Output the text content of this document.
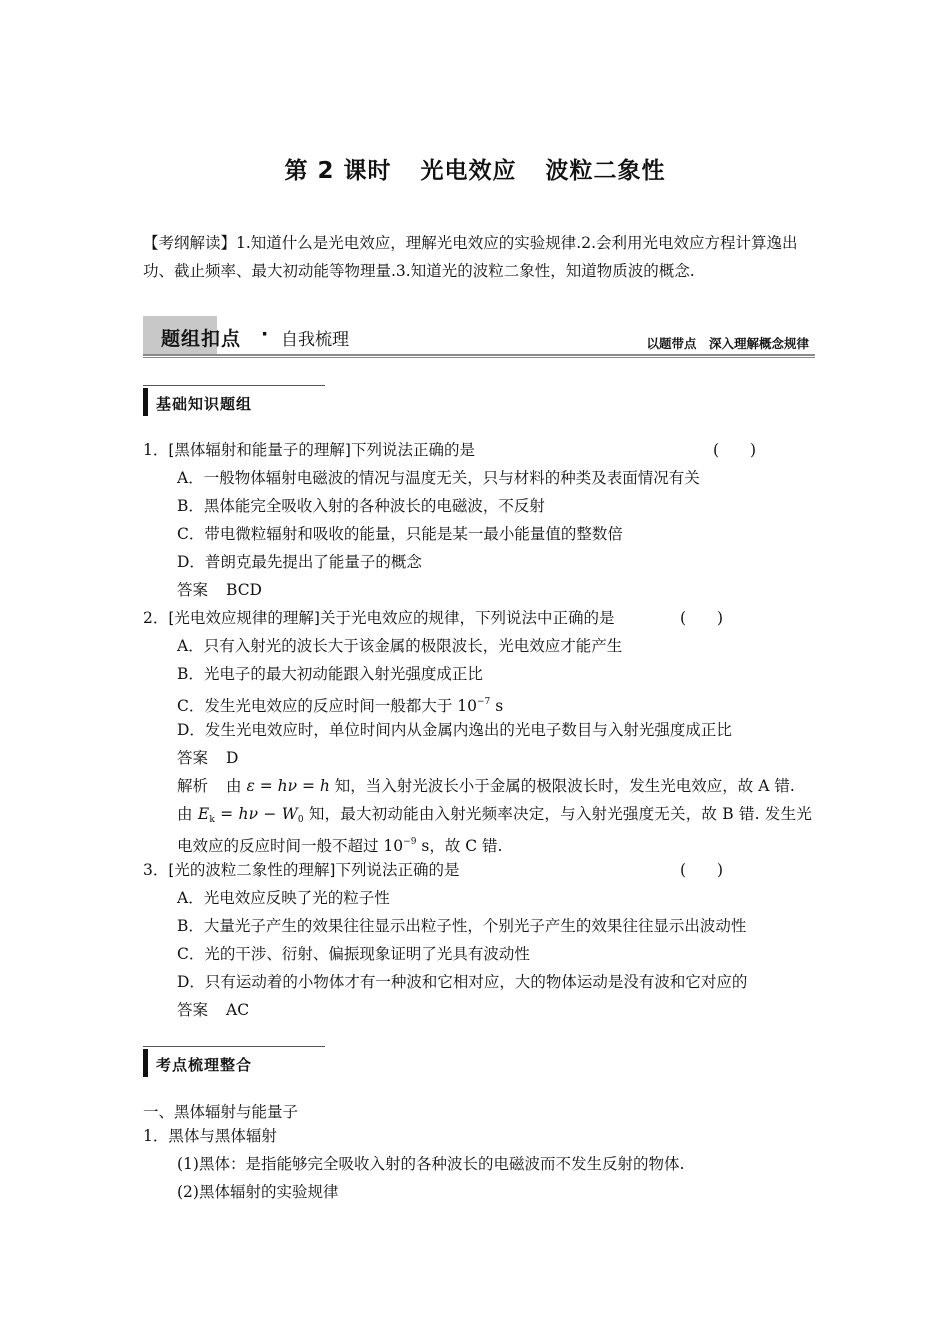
第 2 课时 光电效应 波粒二象性
【考纲解读】1.知道什么是光电效应，理解光电效应的实验规律.2.会利用光电效应方程计算逸出功、截止频率、最大初动能等物理量.3.知道光的波粒二象性，知道物质波的概念.
题组扣点 · 自我梳理	以题带点　深入理解概念规律
基础知识题组
1．[黑体辐射和能量子的理解]下列说法正确的是	(　　)
A．一般物体辐射电磁波的情况与温度无关，只与材料的种类及表面情况有关
B．黑体能完全吸收入射的各种波长的电磁波，不反射
C．带电微粒辐射和吸收的能量，只能是某一最小能量值的整数倍
D．普朗克最先提出了能量子的概念
答案 BCD
2．[光电效应规律的理解]关于光电效应的规律，下列说法中正确的是	(　　)
A．只有入射光的波长大于该金属的极限波长，光电效应才能产生
B．光电子的最大初动能跟入射光强度成正比
C．发生光电效应的反应时间一般都大于 $10^{-7}$ s
D．发生光电效应时，单位时间内从金属内逸出的光电子数目与入射光强度成正比
答案 D
解析 由 ε = hν = h 知，当入射光波长小于金属的极限波长时，发生光电效应，故 A 错.
由 $E_k = h\nu - W_0$ 知，最大初动能由入射光频率决定，与入射光强度无关，故 B 错. 发生光
电效应的反应时间一般不超过 $10^{-9}$ s，故 C 错.
3．[光的波粒二象性的理解]下列说法正确的是	(　　)
A．光电效应反映了光的粒子性
B．大量光子产生的效果往往显示出粒子性，个别光子产生的效果往往显示出波动性
C．光的干涉、衍射、偏振现象证明了光具有波动性
D．只有运动着的小物体才有一种波和它相对应，大的物体运动是没有波和它对应的
答案 AC
考点梳理整合
一、黑体辐射与能量子
1．黑体与黑体辐射
(1)黑体：是指能够完全吸收入射的各种波长的电磁波而不发生反射的物体.
(2)黑体辐射的实验规律
